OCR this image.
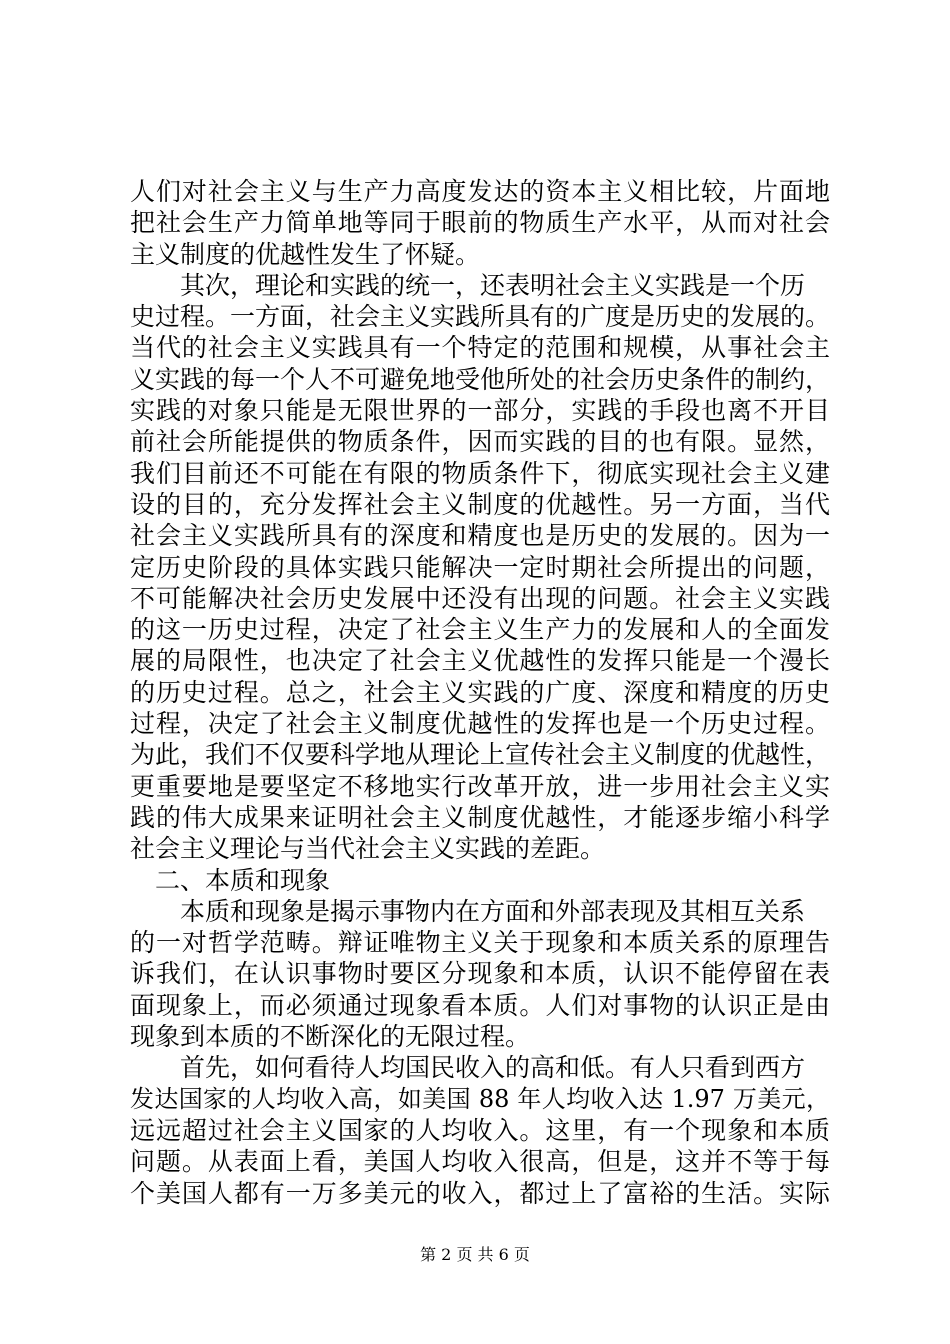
人们对社会主义与生产力高度发达的资本主义相比较，片面地
把社会生产力简单地等同于眼前的物质生产水平，从而对社会
主义制度的优越性发生了怀疑。
其次，理论和实践的统一，还表明社会主义实践是一个历
史过程。一方面，社会主义实践所具有的广度是历史的发展的。
当代的社会主义实践具有一个特定的范围和规模，从事社会主
义实践的每一个人不可避免地受他所处的社会历史条件的制约，
实践的对象只能是无限世界的一部分，实践的手段也离不开目
前社会所能提供的物质条件，因而实践的目的也有限。显然，
我们目前还不可能在有限的物质条件下，彻底实现社会主义建
设的目的，充分发挥社会主义制度的优越性。另一方面，当代
社会主义实践所具有的深度和精度也是历史的发展的。因为一
定历史阶段的具体实践只能解决一定时期社会所提出的问题，
不可能解决社会历史发展中还没有出现的问题。社会主义实践
的这一历史过程，决定了社会主义生产力的发展和人的全面发
展的局限性，也决定了社会主义优越性的发挥只能是一个漫长
的历史过程。总之，社会主义实践的广度、深度和精度的历史
过程，决定了社会主义制度优越性的发挥也是一个历史过程。
为此，我们不仅要科学地从理论上宣传社会主义制度的优越性，
更重要地是要坚定不移地实行改革开放，进一步用社会主义实
践的伟大成果来证明社会主义制度优越性，才能逐步缩小科学
社会主义理论与当代社会主义实践的差距。
二、本质和现象
本质和现象是揭示事物内在方面和外部表现及其相互关系
的一对哲学范畴。辩证唯物主义关于现象和本质关系的原理告
诉我们，在认识事物时要区分现象和本质，认识不能停留在表
面现象上，而必须通过现象看本质。人们对事物的认识正是由
现象到本质的不断深化的无限过程。
首先，如何看待人均国民收入的高和低。有人只看到西方
发达国家的人均收入高，如美国 88 年人均收入达 1.97 万美元，
远远超过社会主义国家的人均收入。这里，有一个现象和本质
问题。从表面上看，美国人均收入很高，但是，这并不等于每
个美国人都有一万多美元的收入，都过上了富裕的生活。实际
第 2 页 共 6 页
